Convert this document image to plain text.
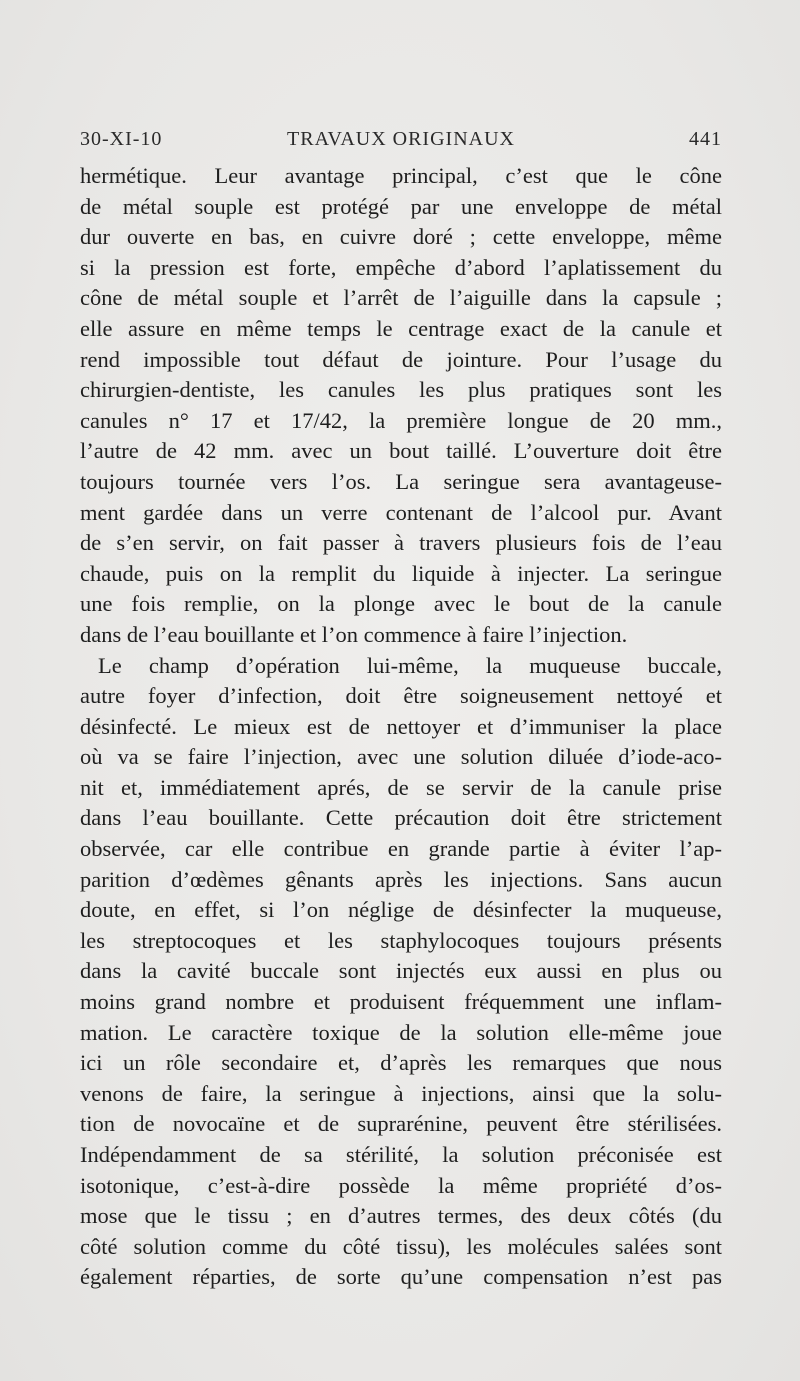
30-XI-10	TRAVAUX ORIGINAUX	441
hermétique. Leur avantage principal, c’est que le cône
de métal souple est protégé par une enveloppe de métal
dur ouverte en bas, en cuivre doré ; cette enveloppe, même
si la pression est forte, empêche d’abord l’aplatissement du
cône de métal souple et l’arrêt de l’aiguille dans la capsule ;
elle assure en même temps le centrage exact de la canule et
rend impossible tout défaut de jointure. Pour l’usage du
chirurgien-dentiste, les canules les plus pratiques sont les
canules n° 17 et 17/42, la première longue de 20 mm.,
l’autre de 42 mm. avec un bout taillé. L’ouverture doit être
toujours tournée vers l’os. La seringue sera avantageuse-
ment gardée dans un verre contenant de l’alcool pur. Avant
de s’en servir, on fait passer à travers plusieurs fois de l’eau
chaude, puis on la remplit du liquide à injecter. La seringue
une fois remplie, on la plonge avec le bout de la canule
dans de l’eau bouillante et l’on commence à faire l’injection.
Le champ d’opération lui-même, la muqueuse buccale,
autre foyer d’infection, doit être soigneusement nettoyé et
désinfecté. Le mieux est de nettoyer et d’immuniser la place
où va se faire l’injection, avec une solution diluée d’iode-aco-
nit et, immédiatement aprés, de se servir de la canule prise
dans l’eau bouillante. Cette précaution doit être strictement
observée, car elle contribue en grande partie à éviter l’ap-
parition d’œdèmes gênants après les injections. Sans aucun
doute, en effet, si l’on néglige de désinfecter la muqueuse,
les streptocoques et les staphylocoques toujours présents
dans la cavité buccale sont injectés eux aussi en plus ou
moins grand nombre et produisent fréquemment une inflam-
mation. Le caractère toxique de la solution elle-même joue
ici un rôle secondaire et, d’après les remarques que nous
venons de faire, la seringue à injections, ainsi que la solu-
tion de novocaïne et de suprarénine, peuvent être stérilisées.
Indépendamment de sa stérilité, la solution préconisée est
isotonique, c’est-à-dire possède la même propriété d’os-
mose que le tissu ; en d’autres termes, des deux côtés (du
côté solution comme du côté tissu), les molécules salées sont
également réparties, de sorte qu’une compensation n’est pas
